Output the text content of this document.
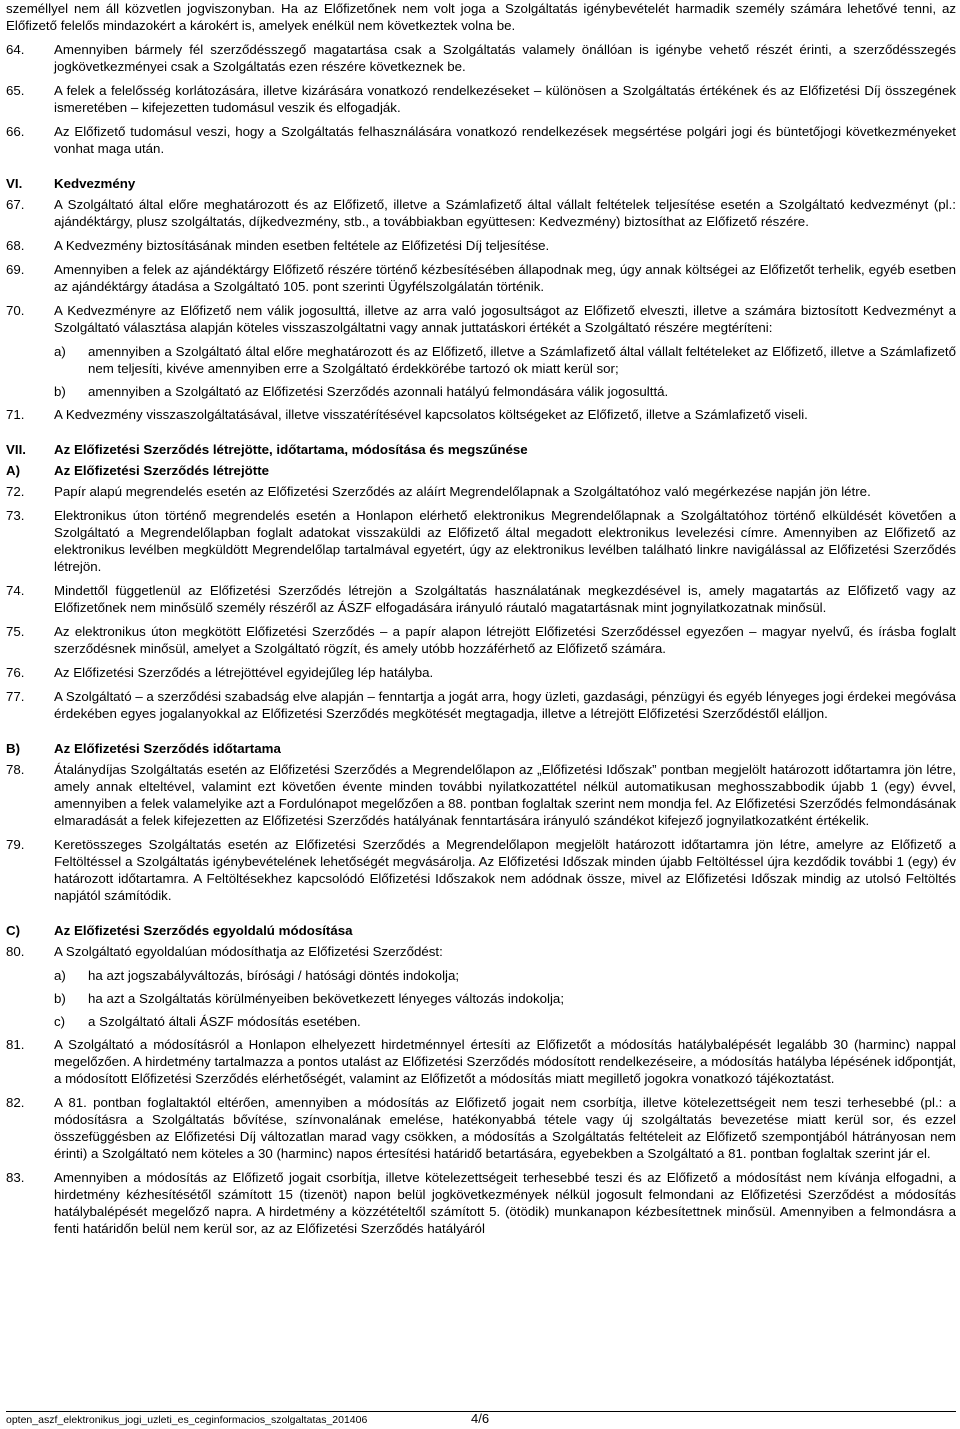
személlyel nem áll közvetlen jogviszonyban. Ha az Előfizetőnek nem volt joga a Szolgáltatás igénybevételét harmadik személy számára lehetővé tenni, az Előfizető felelős mindazokért a károkért is, amelyek enélkül nem következtek volna be.
64.	Amennyiben bármely fél szerződésszegő magatartása csak a Szolgáltatás valamely önállóan is igénybe vehető részét érinti, a szerződésszegés jogkövetkezményei csak a Szolgáltatás ezen részére következnek be.
65.	A felek a felelősség korlátozására, illetve kizárására vonatkozó rendelkezéseket – különösen a Szolgáltatás értékének és az Előfizetési Díj összegének ismeretében – kifejezetten tudomásul veszik és elfogadják.
66.	Az Előfizető tudomásul veszi, hogy a Szolgáltatás felhasználására vonatkozó rendelkezések megsértése polgári jogi és büntetőjogi következményeket vonhat maga után.
VI.	Kedvezmény
67.	A Szolgáltató által előre meghatározott és az Előfizető, illetve a Számlafizető által vállalt feltételek teljesítése esetén a Szolgáltató kedvezményt (pl.: ajándéktárgy, plusz szolgáltatás, díjkedvezmény, stb., a továbbiakban együttesen: Kedvezmény) biztosíthat az Előfizető részére.
68.	A Kedvezmény biztosításának minden esetben feltétele az Előfizetési Díj teljesítése.
69.	Amennyiben a felek az ajándéktárgy Előfizető részére történő kézbesítésében állapodnak meg, úgy annak költségei az Előfizetőt terhelik, egyéb esetben az ajándéktárgy átadása a Szolgáltató 105. pont szerinti Ügyfélszolgálatán történik.
70.	A Kedvezményre az Előfizető nem válik jogosulttá, illetve az arra való jogosultságot az Előfizető elveszti, illetve a számára biztosított Kedvezményt a Szolgáltató választása alapján köteles visszaszolgáltatni vagy annak juttatáskori értékét a Szolgáltató részére megtéríteni:
a)	amennyiben a Szolgáltató által előre meghatározott és az Előfizető, illetve a Számlafizető által vállalt feltételeket az Előfizető, illetve a Számlafizető nem teljesíti, kivéve amennyiben erre a Szolgáltató érdekkörébe tartozó ok miatt kerül sor;
b)	amennyiben a Szolgáltató az Előfizetési Szerződés azonnali hatályú felmondására válik jogosulttá.
71.	A Kedvezmény visszaszolgáltatásával, illetve visszatérítésével kapcsolatos költségeket az Előfizető, illetve a Számlafizető viseli.
VII.	Az Előfizetési Szerződés létrejötte, időtartama, módosítása és megszűnése
A)	Az Előfizetési Szerződés létrejötte
72.	Papír alapú megrendelés esetén az Előfizetési Szerződés az aláírt Megrendelőlapnak a Szolgáltatóhoz való megérkezése napján jön létre.
73.	Elektronikus úton történő megrendelés esetén a Honlapon elérhető elektronikus Megrendelőlapnak a Szolgáltatóhoz történő elküldését követően a Szolgáltató a Megrendelőlapban foglalt adatokat visszaküldi az Előfizető által megadott elektronikus levelezési címre. Amennyiben az Előfizető az elektronikus levélben megküldött Megrendelőlap tartalmával egyetért, úgy az elektronikus levélben található linkre navigálással az Előfizetési Szerződés létrejön.
74.	Mindettől függetlenül az Előfizetési Szerződés létrejön a Szolgáltatás használatának megkezdésével is, amely magatartás az Előfizető vagy az Előfizetőnek nem minősülő személy részéről az ÁSZF elfogadására irányuló ráutaló magatartásnak mint jognyilatkozatnak minősül.
75.	Az elektronikus úton megkötött Előfizetési Szerződés – a papír alapon létrejött Előfizetési Szerződéssel egyezően – magyar nyelvű, és írásba foglalt szerződésnek minősül, amelyet a Szolgáltató rögzít, és amely utóbb hozzáférhető az Előfizető számára.
76.	Az Előfizetési Szerződés a létrejöttével egyidejűleg lép hatályba.
77.	A Szolgáltató – a szerződési szabadság elve alapján – fenntartja a jogát arra, hogy üzleti, gazdasági, pénzügyi és egyéb lényeges jogi érdekei megóvása érdekében egyes jogalanyokkal az Előfizetési Szerződés megkötését megtagadja, illetve a létrejött Előfizetési Szerződéstől elálljon.
B)	Az Előfizetési Szerződés időtartama
78.	Átalánydíjas Szolgáltatás esetén az Előfizetési Szerződés a Megrendelőlapon az „Előfizetési Időszak” pontban megjelölt határozott időtartamra jön létre, amely annak elteltével, valamint ezt követően évente minden további nyilatkozattétel nélkül automatikusan meghosszabbodik újabb 1 (egy) évvel, amennyiben a felek valamelyike azt a Fordulónapot megelőzően a 88. pontban foglaltak szerint nem mondja fel. Az Előfizetési Szerződés felmondásának elmaradását a felek kifejezetten az Előfizetési Szerződés hatályának fenntartására irányuló szándékot kifejező jognyilatkozatként értékelik.
79.	Keretösszeges Szolgáltatás esetén az Előfizetési Szerződés a Megrendelőlapon megjelölt határozott időtartamra jön létre, amelyre az Előfizető a Feltöltéssel a Szolgáltatás igénybevételének lehetőségét megvásárolja. Az Előfizetési Időszak minden újabb Feltöltéssel újra kezdődik további 1 (egy) év határozott időtartamra. A Feltöltésekhez kapcsolódó Előfizetési Időszakok nem adódnak össze, mivel az Előfizetési Időszak mindig az utolsó Feltöltés napjától számítódik.
C)	Az Előfizetési Szerződés egyoldalú módosítása
80.	A Szolgáltató egyoldalúan módosíthatja az Előfizetési Szerződést:
a)	ha azt jogszabályváltozás, bírósági / hatósági döntés indokolja;
b)	ha azt a Szolgáltatás körülményeiben bekövetkezett lényeges változás indokolja;
c)	a Szolgáltató általi ÁSZF módosítás esetében.
81.	A Szolgáltató a módosításról a Honlapon elhelyezett hirdetménnyel értesíti az Előfizetőt a módosítás hatálybalépését legalább 30 (harminc) nappal megelőzően. A hirdetmény tartalmazza a pontos utalást az Előfizetési Szerződés módosított rendelkezéseire, a módosítás hatályba lépésének időpontját, a módosított Előfizetési Szerződés elérhetőségét, valamint az Előfizetőt a módosítás miatt megillető jogokra vonatkozó tájékoztatást.
82.	A 81. pontban foglaltaktól eltérően, amennyiben a módosítás az Előfizető jogait nem csorbítja, illetve kötelezettségeit nem teszi terhesebbé (pl.: a módosításra a Szolgáltatás bővítése, színvonalának emelése, hatékonyabbá tétele vagy új szolgáltatás bevezetése miatt kerül sor, és ezzel összefüggésben az Előfizetési Díj változatlan marad vagy csökken, a módosítás a Szolgáltatás feltételeit az Előfizető szempontjából hátrányosan nem érinti) a Szolgáltató nem köteles a 30 (harminc) napos értesítési határidő betartására, egyebekben a Szolgáltató a 81. pontban foglaltak szerint jár el.
83.	Amennyiben a módosítás az Előfizető jogait csorbítja, illetve kötelezettségeit terhesebbé teszi és az Előfizető a módosítást nem kívánja elfogadni, a hirdetmény kézhesítésétől számított 15 (tizenöt) napon belül jogkövetkezmények nélkül jogosult felmondani az Előfizetési Szerződést a módosítás hatálybalépését megelőző napra. A hirdetmény a közzétételtől számított 5. (ötödik) munkanapon kézbesítettnek minősül. Amennyiben a felmondásra a fenti határidőn belül nem kerül sor, az az Előfizetési Szerződés hatályáról
opten_aszf_elektronikus_jogi_uzleti_es_ceginformacios_szolgaltatas_201406	4/6
